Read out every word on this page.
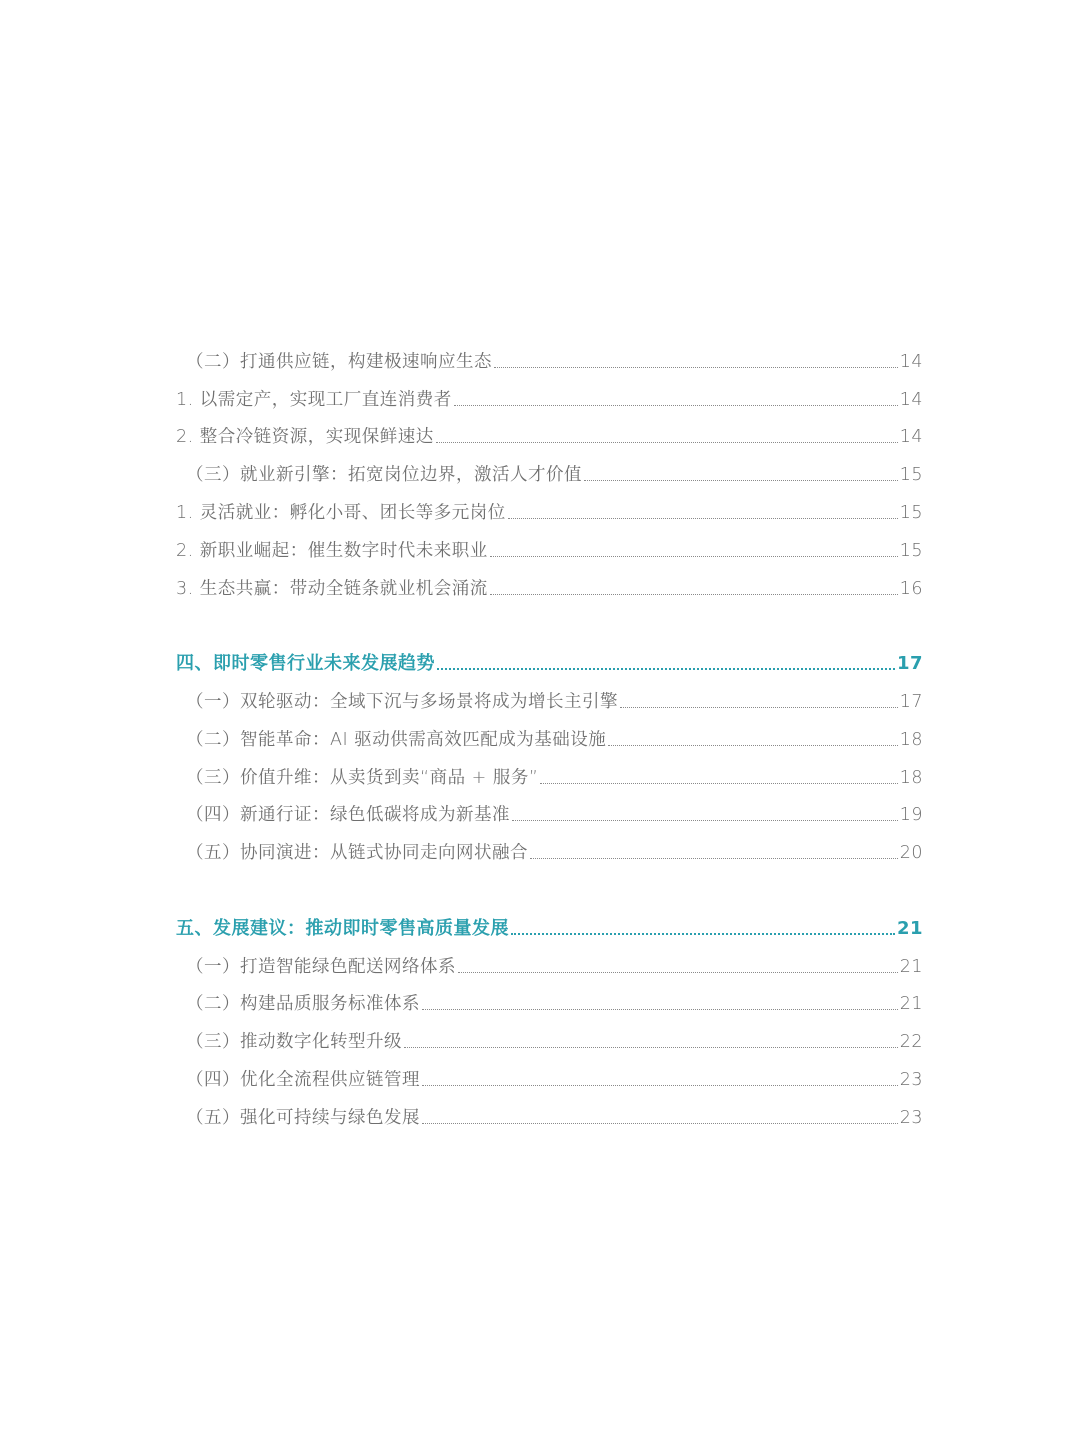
（二）打通供应链，构建极速响应生态	14
1. 以需定产，实现工厂直连消费者	14
2. 整合冷链资源，实现保鲜速达	14
（三）就业新引擎：拓宽岗位边界，激活人才价值	15
1. 灵活就业：孵化小哥、团长等多元岗位	15
2. 新职业崛起：催生数字时代未来职业	15
3. 生态共赢：带动全链条就业机会涌流	16
四、即时零售行业未来发展趋势	17
（一）双轮驱动：全域下沉与多场景将成为增长主引擎	17
（二）智能革命：AI 驱动供需高效匹配成为基础设施	18
（三）价值升维：从卖货到卖“商品 + 服务”	18
（四）新通行证：绿色低碳将成为新基准	19
（五）协同演进：从链式协同走向网状融合	20
五、发展建议：推动即时零售高质量发展	21
（一）打造智能绿色配送网络体系	21
（二）构建品质服务标准体系	21
（三）推动数字化转型升级	22
（四）优化全流程供应链管理	23
（五）强化可持续与绿色发展	23
